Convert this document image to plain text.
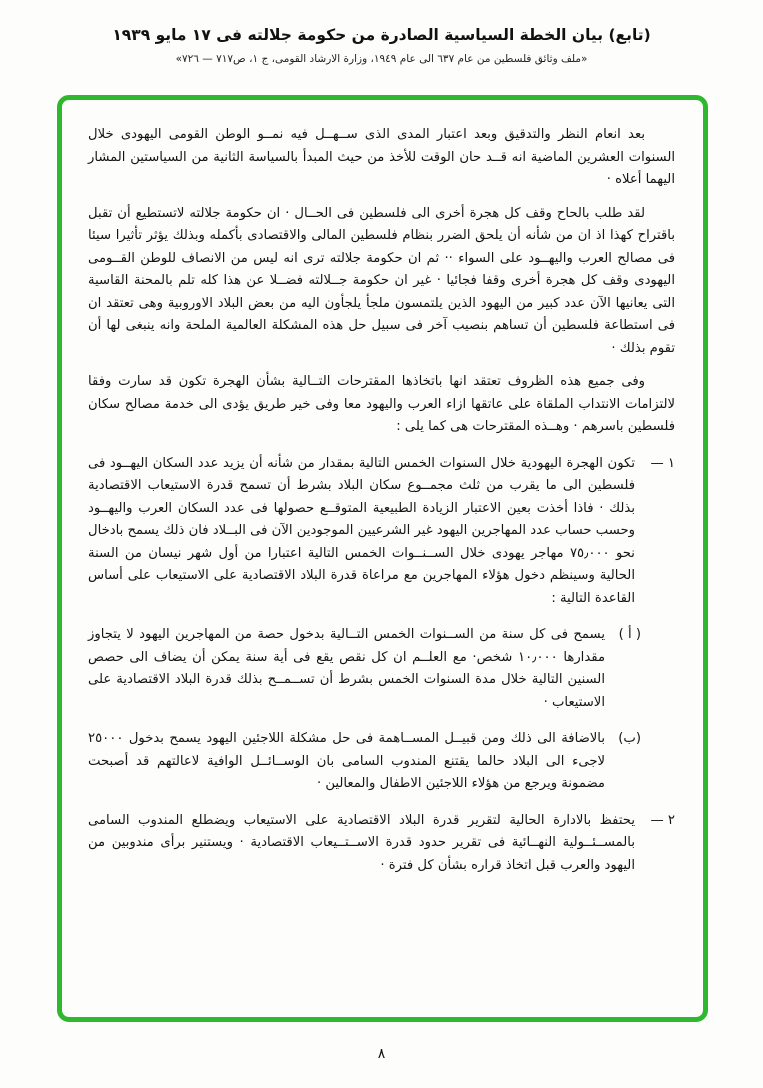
(تابع) بيان الخطة السياسية الصادرة من حكومة جلالته فى ١٧ مايو ١٩٣٩
«ملف وثائق فلسطين من عام ٦٣٧ الى عام ١٩٤٩، وزارة الارشاد القومى، ج ١، ص٧١٧ — ٧٢٦»

بعد انعام النظر والتدقيق وبعد اعتبار المدى الذى ســهــل فيه نمــو الوطن القومى اليهودى خلال السنوات العشرين الماضية انه قــد حان الوقت للأخذ من حيث المبدأ بالسياسة الثانية من السياستين المشار اليهما أعلاه ·

لقد طلب بالحاح وقف كل هجرة أخرى الى فلسطين فى الحــال · ان حكومة جلالته لاتستطيع أن تقبل باقتراح كهذا اذ ان من شأنه أن يلحق الضرر بنظام فلسطين المالى والاقتصادى بأكمله وبذلك يؤثر تأثيرا سيئا فى مصالح العرب واليهــود على السواء ·· ثم ان حكومة جلالته ترى انه ليس من الانصاف للوطن القــومى اليهودى وقف كل هجرة أخرى وقفا فجائيا · غير ان حكومة جــلالته فضــلا عن هذا كله تلم بالمحنة القاسية التى يعانيها الآن عدد كبير من اليهود الذين يلتمسون ملجأ يلجأون اليه من بعض البلاد الاوروبية وهى تعتقد ان فى استطاعة فلسطين أن تساهم بنصيب آخر فى سبيل حل هذه المشكلة العالمية الملحة وانه ينبغى لها أن تقوم بذلك ·

وفى جميع هذه الظروف تعتقد انها باتخاذها المقترحات التــالية بشأن الهجرة تكون قد سارت وفقا لالتزامات الانتداب الملقاة على عاتقها ازاء العرب واليهود معا وفى خير طريق يؤدى الى خدمة مصالح سكان فلسطين باسرهم · وهــذه المقترحات هى كما يلى :

١ —
تكون الهجرة اليهودية خلال السنوات الخمس التالية بمقدار من شأنه أن يزيد عدد السكان اليهــود فى فلسطين الى ما يقرب من ثلث مجمــوع سكان البلاد بشرط أن تسمح قدرة الاستيعاب الاقتصادية بذلك · فاذا أخذت بعين الاعتبار الزيادة الطبيعية المتوقــع حصولها فى عدد السكان العرب واليهــود وحسب حساب عدد المهاجرين اليهود غير الشرعيين الموجودين الآن فى البــلاد فان ذلك يسمح بادخال نحو ٧٥٫٠٠٠ مهاجر يهودى خلال الســنــوات الخمس التالية اعتبارا من أول شهر نيسان من السنة الحالية وسينظم دخول هؤلاء المهاجرين مع مراعاة قدرة البلاد الاقتصادية على الاستيعاب على أساس القاعدة التالية :
( أ )
يسمح فى كل سنة من الســنوات الخمس التــالية بدخول حصة من المهاجرين اليهود لا يتجاوز مقدارها ١٠٫٠٠٠ شخص· مع العلــم ان كل نقص يقع فى أية سنة يمكن أن يضاف الى حصص السنين التالية خلال مدة السنوات الخمس بشرط أن تســمــح بذلك قدرة البلاد الاقتصادية على الاستيعاب ·
(ب)
بالاضافة الى ذلك ومن قبيــل المســاهمة فى حل مشكلة اللاجئين اليهود يسمح بدخول ٢٥٠٠٠ لاجىء الى البلاد حالما يقتنع المندوب السامى بان الوســائــل الوافية لاعالتهم قد أصبحت مضمونة ويرجع من هؤلاء اللاجئين الاطفال والمعالين ·
٢ —
يحتفظ بالادارة الحالية لتقرير قدرة البلاد الاقتصادية على الاستيعاب ويضطلع المندوب السامى بالمســئــولية النهــائية فى تقرير حدود قدرة الاســتــيعاب الاقتصادية · ويستنير برأى مندوبين من اليهود والعرب قبل اتخاذ قراره بشأن كل فترة ·
٨
